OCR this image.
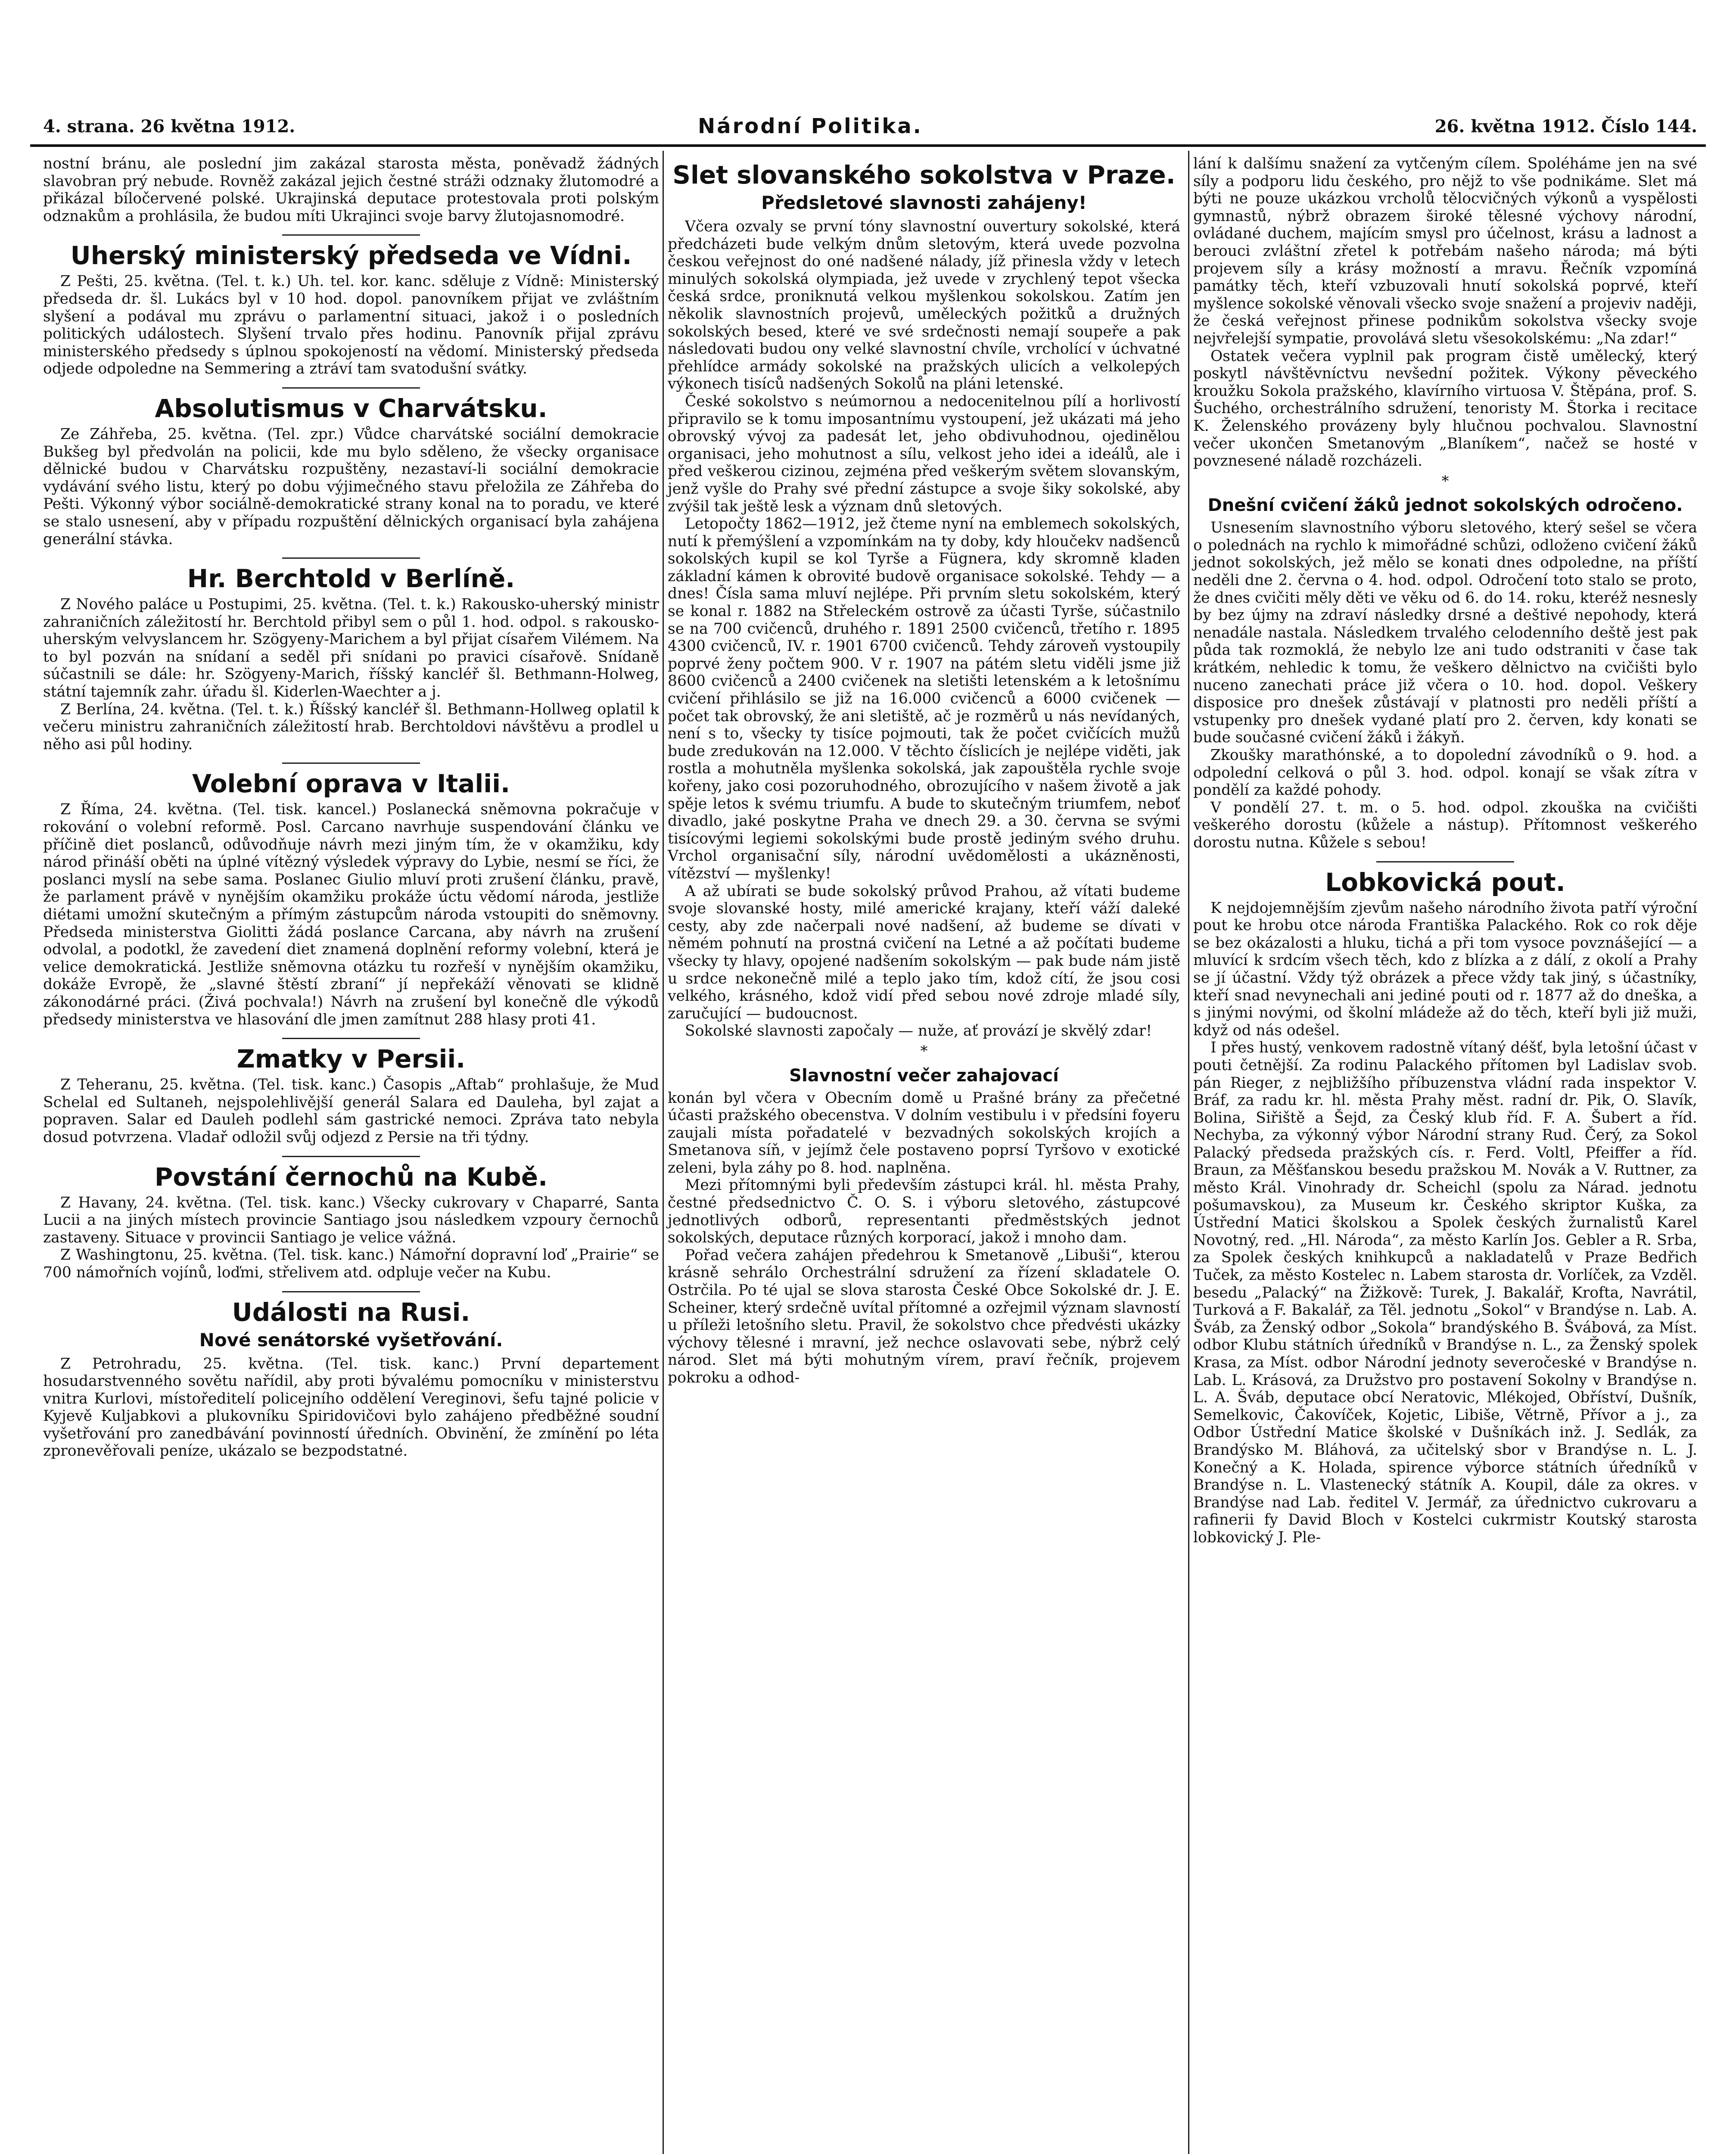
4. strana. 26 května 1912.	Národní Politika.	26. května 1912. Číslo 144.

nostní bránu, ale poslední jim zakázal starosta města, poněvadž žádných slavobran prý nebude. Rovněž zakázal jejich čestné stráži odznaky žlutomodré a přikázal bíločervené polské. Ukrajinská deputace protestovala proti polským odznakům a prohlásila, že budou míti Ukrajinci svoje barvy žlutojasnomodré.

Uherský ministerský předseda ve Vídni.

Z Pešti, 25. května. (Tel. t. k.) Uh. tel. kor. kanc. sděluje z Vídně: Ministerský předseda dr. šl. Lukács byl v 10 hod. dopol. panovníkem přijat ve zvláštním slyšení a podával mu zprávu o parlamentní situaci, jakož i o posledních politických událostech. Slyšení trvalo přes hodinu. Panovník přijal zprávu ministerského předsedy s úplnou spokojeností na vědomí. Ministerský předseda odjede odpoledne na Semmering a ztráví tam svatodušní svátky.

Absolutismus v Charvátsku.

Ze Záhřeba, 25. května. (Tel. zpr.) Vůdce charvátské sociální demokracie Bukšeg byl předvolán na policii, kde mu bylo sděleno, že všecky organisace dělnické budou v Charvátsku rozpuštěny, nezastaví-li sociální demokracie vydávání svého listu, který po dobu výjimečného stavu přeložila ze Záhřeba do Pešti. Výkonný výbor sociálně-demokratické strany konal na to poradu, ve které se stalo usnesení, aby v případu rozpuštění dělnických organisací byla zahájena generální stávka.

Hr. Berchtold v Berlíně.

Z Nového paláce u Postupimi, 25. května. (Tel. t. k.) Rakousko-uherský ministr zahraničních záležitostí hr. Berchtold přibyl sem o půl 1. hod. odpol. s rakousko-uherským velvyslancem hr. Szögyeny-Marichem a byl přijat císařem Vilémem. Na to byl pozván na snídaní a seděl při snídani po pravici císařově. Snídaně súčastnili se dále: hr. Szögyeny-Marich, říšský kancléř šl. Bethmann-Holweg, státní tajemník zahr. úřadu šl. Kiderlen-Waechter a j.

Z Berlína, 24. května. (Tel. t. k.) Říšský kancléř šl. Bethmann-Hollweg oplatil k večeru ministru zahraničních záležitostí hrab. Berchtoldovi návštěvu a prodlel u něho asi půl hodiny.

Volební oprava v Italii.

Z Říma, 24. května. (Tel. tisk. kancel.) Poslanecká sněmovna pokračuje v rokování o volební reformě. Posl. Carcano navrhuje suspendování článku ve příčině diet poslanců, odůvodňuje návrh mezi jiným tím, že v okamžiku, kdy národ přináší oběti na úplné vítězný výsledek výpravy do Lybie, nesmí se říci, že poslanci myslí na sebe sama. Poslanec Giulio mluví proti zrušení článku, pravě, že parlament právě v nynějším okamžiku prokáže úctu vědomí národa, jestliže diétami umožní skutečným a přímým zástupcům národa vstoupiti do sněmovny. Předseda ministerstva Giolitti žádá poslance Carcana, aby návrh na zrušení odvolal, a podotkl, že zavedení diet znamená doplnění reformy volební, která je velice demokratická. Jestliže sněmovna otázku tu rozřeší v nynějším okamžiku, dokáže Evropě, že „slavné štěstí zbraní“ jí nepřekáží věnovati se klidně zákonodárné práci. (Živá pochvala!) Návrh na zrušení byl konečně dle výkodů předsedy ministerstva ve hlasování dle jmen zamítnut 288 hlasy proti 41.

Zmatky v Persii.

Z Teheranu, 25. května. (Tel. tisk. kanc.) Časopis „Aftab“ prohlašuje, že Mud Schelal ed Sultaneh, nejspolehlivější generál Salara ed Dauleha, byl zajat a popraven. Salar ed Dauleh podlehl sám gastrické nemoci. Zpráva tato nebyla dosud potvrzena. Vladař odložil svůj odjezd z Persie na tři týdny.

Povstání černochů na Kubě.

Z Havany, 24. května. (Tel. tisk. kanc.) Všecky cukrovary v Chaparré, Santa Lucii a na jiných místech provincie Santiago jsou následkem vzpoury černochů zastaveny. Situace v provincii Santiago je velice vážná.

Z Washingtonu, 25. května. (Tel. tisk. kanc.) Námořní dopravní loď „Prairie“ se 700 námořních vojínů, loďmi, střelivem atd. odpluje večer na Kubu.

Události na Rusi.
Nové senátorské vyšetřování.

Z Petrohradu, 25. května. (Tel. tisk. kanc.) První departement hosudarstvenného sovětu nařídil, aby proti bývalému pomocníku v ministerstvu vnitra Kurlovi, místoředitelí policejního oddělení Vereginovi, šefu tajné policie v Kyjevě Kuljabkovi a plukovníku Spiridovičovi bylo zahájeno předběžné soudní vyšetřování pro zanedbávání povinností úředních. Obvinění, že zmínění po léta zpronevěřovali peníze, ukázalo se bezpodstatné.

Slet slovanského sokolstva v Praze.
Předsletové slavnosti zahájeny!

Včera ozvaly se první tóny slavnostní ouvertury sokolské, která předcházeti bude velkým dnům sletovým, která uvede pozvolna českou veřejnost do oné nadšené nálady, jíž přinesla vždy v letech minulých sokolská olympiada, jež uvede v zrychlený tepot všecka česká srdce, proniknutá velkou myšlenkou sokolskou. Zatím jen několik slavnostních projevů, uměleckých požitků a družných sokolských besed, které ve své srdečnosti nemají soupeře a pak následovati budou ony velké slavnostní chvíle, vrcholící v úchvatné přehlídce armády sokolské na pražských ulicích a velkolepých výkonech tisíců nadšených Sokolů na pláni letenské.

České sokolstvo s neúmornou a nedocenitelnou pílí a horlivostí připravilo se k tomu imposantnímu vystoupení, jež ukázati má jeho obrovský vývoj za padesát let, jeho obdivuhodnou, ojedinělou organisaci, jeho mohutnost a sílu, velkost jeho idei a ideálů, ale i před veškerou cizinou, zejména před veškerým světem slovanským, jenž vyšle do Prahy své přední zástupce a svoje šiky sokolské, aby zvýšil tak ještě lesk a význam dnů sletových.

Letopočty 1862—1912, jež čteme nyní na emblemech sokolských, nutí k přemýšlení a vzpomínkám na ty doby, kdy hloučekv nadšenců sokolských kupil se kol Tyrše a Fügnera, kdy skromně kladen základní kámen k obrovité budově organisace sokolské. Tehdy — a dnes! Čísla sama mluví nejlépe. Při prvním sletu sokolském, který se konal r. 1882 na Střeleckém ostrově za účasti Tyrše, súčastnilo se na 700 cvičenců, druhého r. 1891 2500 cvičenců, třetího r. 1895 4300 cvičenců, IV. r. 1901 6700 cvičenců. Tehdy zároveň vystoupily poprvé ženy počtem 900. V r. 1907 na pátém sletu viděli jsme již 8600 cvičenců a 2400 cvičenek na sletišti letenském a k letošnímu cvičení přihlásilo se již na 16.000 cvičenců a 6000 cvičenek — počet tak obrovský, že ani sletiště, ač je rozměrů u nás nevídaných, není s to, všecky ty tisíce pojmouti, tak že počet cvičících mužů bude zredukován na 12.000. V těchto číslicích je nejlépe viděti, jak rostla a mohutněla myšlenka sokolská, jak zapouštěla rychle svoje kořeny, jako cosi pozoruhodného, obrozujícího v našem životě a jak spěje letos k svému triumfu. A bude to skutečným triumfem, neboť divadlo, jaké poskytne Praha ve dnech 29. a 30. června se svými tisícovými legiemi sokolskými bude prostě jediným svého druhu. Vrchol organisační síly, národní uvědomělosti a ukázněnosti, vítězství — myšlenky!

A až ubírati se bude sokolský průvod Prahou, až vítati budeme svoje slovanské hosty, milé americké krajany, kteří váží daleké cesty, aby zde načerpali nové nadšení, až budeme se dívati v němém pohnutí na prostná cvičení na Letné a až počítati budeme všecky ty hlavy, opojené nadšením sokolským — pak bude nám jistě u srdce nekonečně milé a teplo jako tím, kdož cítí, že jsou cosi velkého, krásného, kdož vidí před sebou nové zdroje mladé síly, zaručující — budoucnost.

Sokolské slavnosti započaly — nuže, ať provází je skvělý zdar!

*
Slavnostní večer zahajovací

konán byl včera v Obecním domě u Prašné brány za přečetné účasti pražského obecenstva. V dolním vestibulu i v předsíni foyeru zaujali místa pořadatelé v bezvadných sokolských krojích a Smetanova síň, v jejímž čele postaveno poprsí Tyršovo v exotické zeleni, byla záhy po 8. hod. naplněna.

Mezi přítomnými byli především zástupci král. hl. města Prahy, čestné předsednictvo Č. O. S. i výboru sletového, zástupcové jednotlivých odborů, representanti předměstských jednot sokolských, deputace různých korporací, jakož i mnoho dam.

Pořad večera zahájen předehrou k Smetanově „Libuši“, kterou krásně sehrálo Orchestrální sdružení za řízení skladatele O. Ostrčila. Po té ujal se slova starosta České Obce Sokolské dr. J. E. Scheiner, který srdečně uvítal přítomné a ozřejmil význam slavností u příleži letošního sletu. Pravil, že sokolstvo chce předvésti ukázky výchovy tělesné i mravní, jež nechce oslavovati sebe, nýbrž celý národ. Slet má býti mohutným vírem, praví řečník, projevem pokroku a odhod-

lání k dalšímu snažení za vytčeným cílem. Spoléháme jen na své síly a podporu lidu českého, pro nějž to vše podnikáme. Slet má býti ne pouze ukázkou vrcholů tělocvičných výkonů a vyspělosti gymnastů, nýbrž obrazem široké tělesné výchovy národní, ovládané duchem, majícím smysl pro účelnost, krásu a ladnost a berouci zvláštní zřetel k potřebám našeho národa; má býti projevem síly a krásy možností a mravu. Řečník vzpomíná památky těch, kteří vzbuzovali hnutí sokolská poprvé, kteří myšlence sokolské věnovali všecko svoje snažení a projeviv naději, že česká veřejnost přinese podnikům sokolstva všecky svoje nejvřelejší sympatie, provolává sletu všesokolskému: „Na zdar!“

Ostatek večera vyplnil pak program čistě umělecký, který poskytl návštěvníctvu nevšední požitek. Výkony pěveckého kroužku Sokola pražského, klavírního virtuosa V. Štěpána, prof. S. Šuchého, orchestrálního sdružení, tenoristy M. Štorka i recitace K. Želenského provázeny byly hlučnou pochvalou. Slavnostní večer ukončen Smetanovým „Blaníkem“, načež se hosté v povznesené náladě rozcházeli.

*
Dnešní cvičení žáků jednot sokolských odročeno.

Usnesením slavnostního výboru sletového, který sešel se včera o polednách na rychlo k mimořádné schůzi, odloženo cvičení žáků jednot sokolských, jež mělo se konati dnes odpoledne, na příští neděli dne 2. června o 4. hod. odpol. Odročení toto stalo se proto, že dnes cvičiti měly děti ve věku od 6. do 14. roku, kteréž nesnesly by bez újmy na zdraví následky drsné a deštivé nepohody, která nenadále nastala. Následkem trvalého celodenního deště jest pak půda tak rozmoklá, že nebylo lze ani tudo odstraniti v čase tak krátkém, nehledic k tomu, že veškero dělnictvo na cvičišti bylo nuceno zanechati práce již včera o 10. hod. dopol. Veškery disposice pro dnešek zůstávají v platnosti pro neděli příští a vstupenky pro dnešek vydané platí pro 2. červen, kdy konati se bude současné cvičení žáků i žákyň.

Zkoušky marathónské, a to dopolední závodníků o 9. hod. a odpolední celková o půl 3. hod. odpol. konají se však zítra v pondělí za každé pohody.

V pondělí 27. t. m. o 5. hod. odpol. zkouška na cvičišti veškerého dorostu (kůžele a nástup). Přítomnost veškerého dorostu nutna. Kůžele s sebou!

Lobkovická pout.

K nejdojemnějším zjevům našeho národního života patří výroční pout ke hrobu otce národa Františka Palackého. Rok co rok děje se bez okázalosti a hluku, tichá a při tom vysoce povznášející — a mluvící k srdcím všech těch, kdo z blízka a z dálí, z okolí a Prahy se jí účastní. Vždy týž obrázek a přece vždy tak jiný, s účastníky, kteří snad nevynechali ani jediné pouti od r. 1877 až do dneška, a s jinými novými, od školní mládeže až do těch, kteří byli již muži, když od nás odešel.

I přes hustý, venkovem radostně vítaný déšť, byla letošní účast v pouti četnější. Za rodinu Palackého přítomen byl Ladislav svob. pán Rieger, z nejbližšího příbuzenstva vládní rada inspektor V. Bráf, za radu kr. hl. města Prahy měst. radní dr. Pik, O. Slavík, Bolina, Siřiště a Šejd, za Český klub říd. F. A. Šubert a říd. Nechyba, za výkonný výbor Národní strany Rud. Čerý, za Sokol Palacký předseda pražských cís. r. Ferd. Voltl, Pfeiffer a říd. Braun, za Měšťanskou besedu pražskou M. Novák a V. Ruttner, za město Král. Vinohrady dr. Scheichl (spolu za Nárad. jednotu pošumavskou), za Museum kr. Českého skriptor Kuška, za Ústřední Matici školskou a Spolek českých žurnalistů Karel Novotný, red. „Hl. Národa“, za město Karlín Jos. Gebler a R. Srba, za Spolek českých knihkupců a nakladatelů v Praze Bedřich Tuček, za město Kostelec n. Labem starosta dr. Vorlíček, za Vzděl. besedu „Palacký“ na Žižkově: Turek, J. Bakalář, Krofta, Navrátil, Turková a F. Bakalář, za Těl. jednotu „Sokol“ v Brandýse n. Lab. A. Šváb, za Ženský odbor „Sokola“ brandýského B. Švábová, za Míst. odbor Klubu státních úředníků v Brandýse n. L., za Ženský spolek Krasa, za Míst. odbor Národní jednoty severočeské v Brandýse n. Lab. L. Krásová, za Družstvo pro postavení Sokolny v Brandýse n. L. A. Šváb, deputace obcí Neratovic, Mlékojed, Obříství, Dušník, Semelkovic, Čakovíček, Kojetic, Libiše, Větrně, Přívor a j., za Odbor Ústřední Matice školské v Dušníkách inž. J. Sedlák, za Brandýsko M. Bláhová, za učitelský sbor v Brandýse n. L. J. Konečný a K. Holada, spirence výborce státních úředníků v Brandýse n. L. Vlastenecký státník A. Koupil, dále za okres. v Brandýse nad Lab. ředitel V. Jermář, za úřednictvo cukrovaru a rafinerii fy David Bloch v Kostelci cukrmistr Koutský starosta lobkovický J. Ple-
